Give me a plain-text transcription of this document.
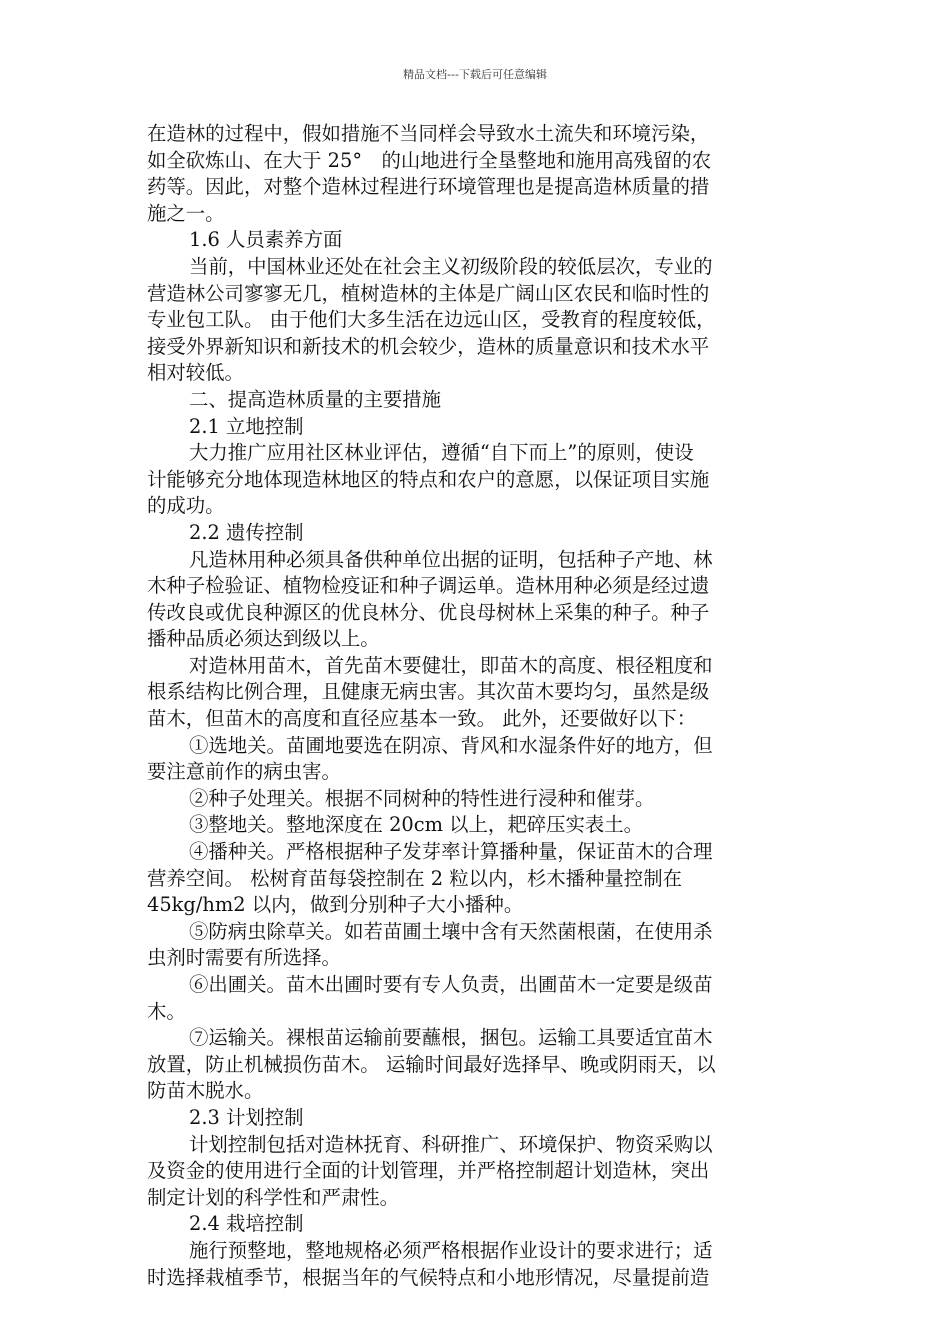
精品文档---下载后可任意编辑
在造林的过程中，假如措施不当同样会导致水土流失和环境污染，
如全砍炼山、在大于 25°　的山地进行全垦整地和施用高残留的农
药等。因此，对整个造林过程进行环境管理也是提高造林质量的措
施之一。
1.6 人员素养方面
当前，中国林业还处在社会主义初级阶段的较低层次，专业的
营造林公司寥寥无几，植树造林的主体是广阔山区农民和临时性的
专业包工队。 由于他们大多生活在边远山区，受教育的程度较低，
接受外界新知识和新技术的机会较少，造林的质量意识和技术水平
相对较低。
二、提高造林质量的主要措施
2.1 立地控制
大力推广应用社区林业评估，遵循“自下而上”的原则，使设
计能够充分地体现造林地区的特点和农户的意愿，以保证项目实施
的成功。
2.2 遗传控制
凡造林用种必须具备供种单位出据的证明，包括种子产地、林
木种子检验证、植物检疫证和种子调运单。造林用种必须是经过遗
传改良或优良种源区的优良林分、优良母树林上采集的种子。种子
播种品质必须达到级以上。
对造林用苗木，首先苗木要健壮，即苗木的高度、根径粗度和
根系结构比例合理，且健康无病虫害。其次苗木要均匀，虽然是级
苗木，但苗木的高度和直径应基本一致。 此外，还要做好以下：
①选地关。苗圃地要选在阴凉、背风和水湿条件好的地方，但
要注意前作的病虫害。
②种子处理关。根据不同树种的特性进行浸种和催芽。
③整地关。整地深度在 20cm 以上，耙碎压实表土。
④播种关。严格根据种子发芽率计算播种量，保证苗木的合理
营养空间。 松树育苗每袋控制在 2 粒以内，杉木播种量控制在
45kg/hm2 以内，做到分别种子大小播种。
⑤防病虫除草关。如若苗圃土壤中含有天然菌根菌，在使用杀
虫剂时需要有所选择。
⑥出圃关。苗木出圃时要有专人负责，出圃苗木一定要是级苗
木。
⑦运输关。裸根苗运输前要蘸根，捆包。运输工具要适宜苗木
放置，防止机械损伤苗木。 运输时间最好选择早、晚或阴雨天，以
防苗木脱水。
2.3 计划控制
计划控制包括对造林抚育、科研推广、环境保护、物资采购以
及资金的使用进行全面的计划管理，并严格控制超计划造林，突出
制定计划的科学性和严肃性。
2.4 栽培控制
施行预整地，整地规格必须严格根据作业设计的要求进行；适
时选择栽植季节，根据当年的气候特点和小地形情况，尽量提前造
